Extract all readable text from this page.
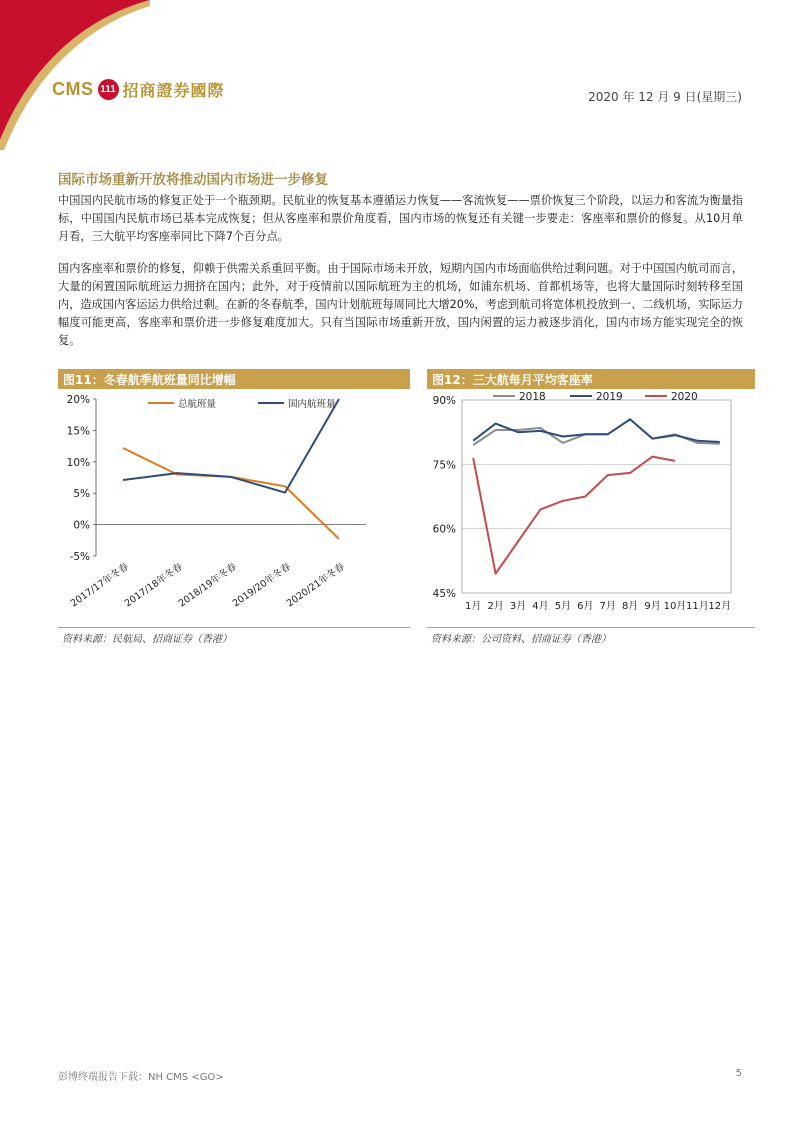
CMS 111 招商證券國際	2020 年 12 月 9 日(星期三)
国际市场重新开放将推动国内市场进一步修复

中国国内民航市场的修复正处于一个瓶颈期。民航业的恢复基本遵循运力恢复——客流恢复——票价恢复三个阶段，以运力和客流为衡量指标，中国国内民航市场已基本完成恢复；但从客座率和票价角度看，国内市场的恢复还有关键一步要走：客座率和票价的修复。从10月单月看，三大航平均客座率同比下降7个百分点。

国内客座率和票价的修复，仰赖于供需关系重回平衡。由于国际市场未开放，短期内国内市场面临供给过剩问题。对于中国国内航司而言，大量的闲置国际航班运力拥挤在国内；此外，对于疫情前以国际航班为主的机场，如浦东机场、首都机场等，也将大量国际时刻转移至国内，造成国内客运运力供给过剩。在新的冬春航季，国内计划航班每周同比大增20%，考虑到航司将宽体机投放到一、二线机场，实际运力幅度可能更高，客座率和票价进一步修复难度加大。只有当国际市场重新开放，国内闲置的运力被逐步消化，国内市场方能实现完全的恢复。

图11：冬春航季航班量同比增幅
-5%
0%
5%
10%
15%
20%
2017/17年冬春
2017/18年冬春
2018/19年冬春
2019/20年冬春
2020/21年冬春
总航班量	国内航班量
资料来源：民航局、招商证券（香港）
图12：三大航每月平均客座率
45%
60%
75%
90%
1月 2月 3月 4月 5月 6月 7月 8月 9月 10月 11月 12月
2018	2019	2020
资料来源：公司资料、招商证券（香港）
彭博终端报告下载：NH CMS <GO>	5
